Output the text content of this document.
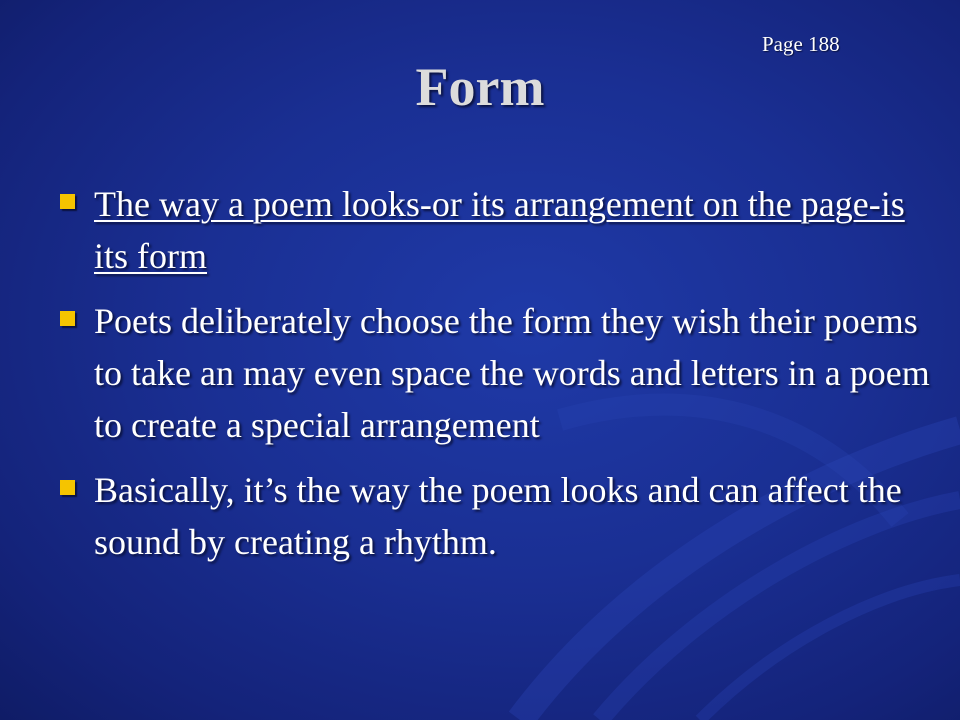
Page 188
Form
The way a poem looks-or its arrangement on the page-is its form
Poets deliberately choose the form they wish their poems to take an may even space the words and letters in a poem to create a special arrangement
Basically, it’s the way the poem looks and can affect the sound by creating a rhythm.
